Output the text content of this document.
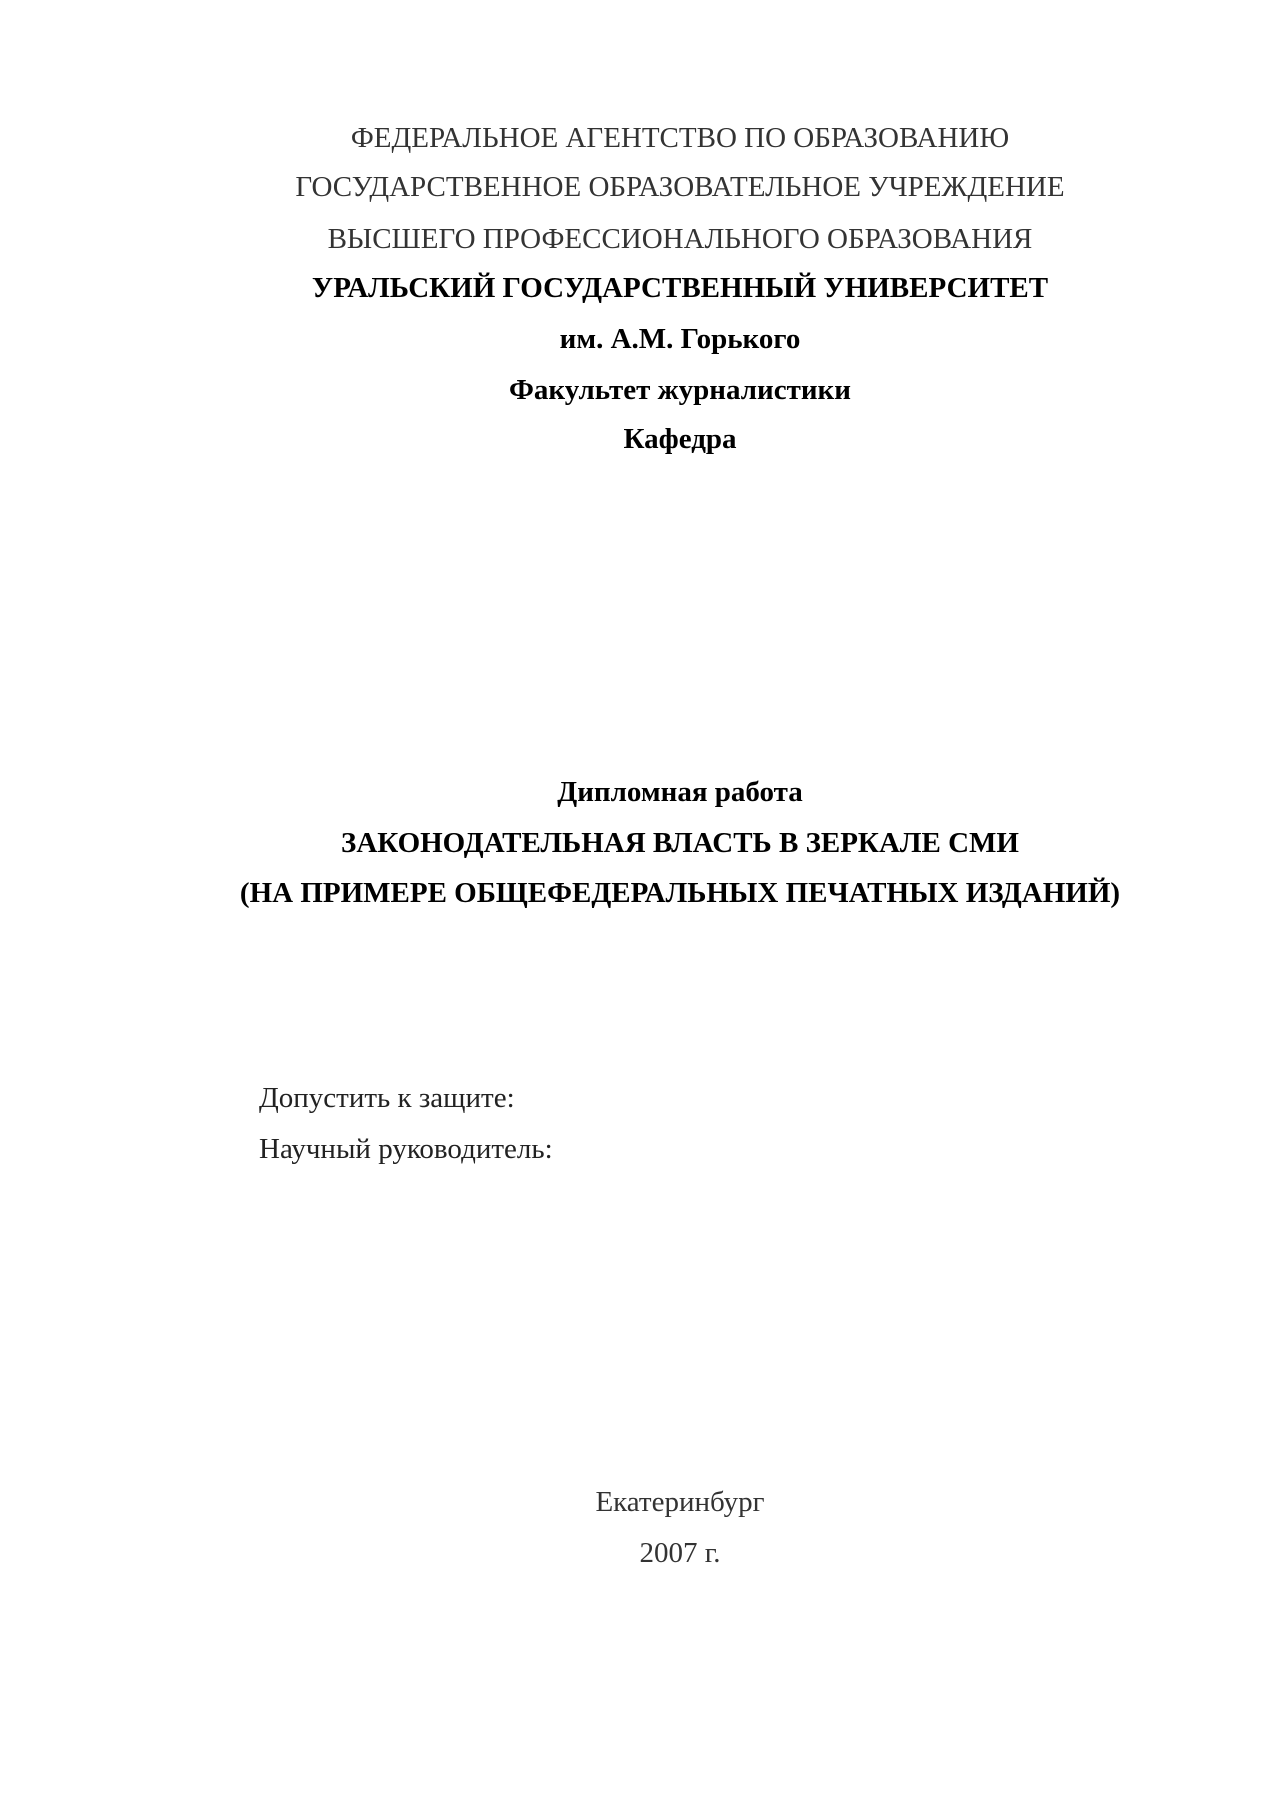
ФЕДЕРАЛЬНОЕ АГЕНТСТВО ПО ОБРАЗОВАНИЮ
ГОСУДАРСТВЕННОЕ ОБРАЗОВАТЕЛЬНОЕ УЧРЕЖДЕНИЕ
ВЫСШЕГО ПРОФЕССИОНАЛЬНОГО ОБРАЗОВАНИЯ
УРАЛЬСКИЙ ГОСУДАРСТВЕННЫЙ УНИВЕРСИТЕТ
им. А.М. Горького
Факультет журналистики
Кафедра
Дипломная работа
ЗАКОНОДАТЕЛЬНАЯ ВЛАСТЬ В ЗЕРКАЛЕ СМИ
(НА ПРИМЕРЕ ОБЩЕФЕДЕРАЛЬНЫХ ПЕЧАТНЫХ ИЗДАНИЙ)
Допустить к защите:
Научный руководитель:
Екатеринбург
2007 г.
